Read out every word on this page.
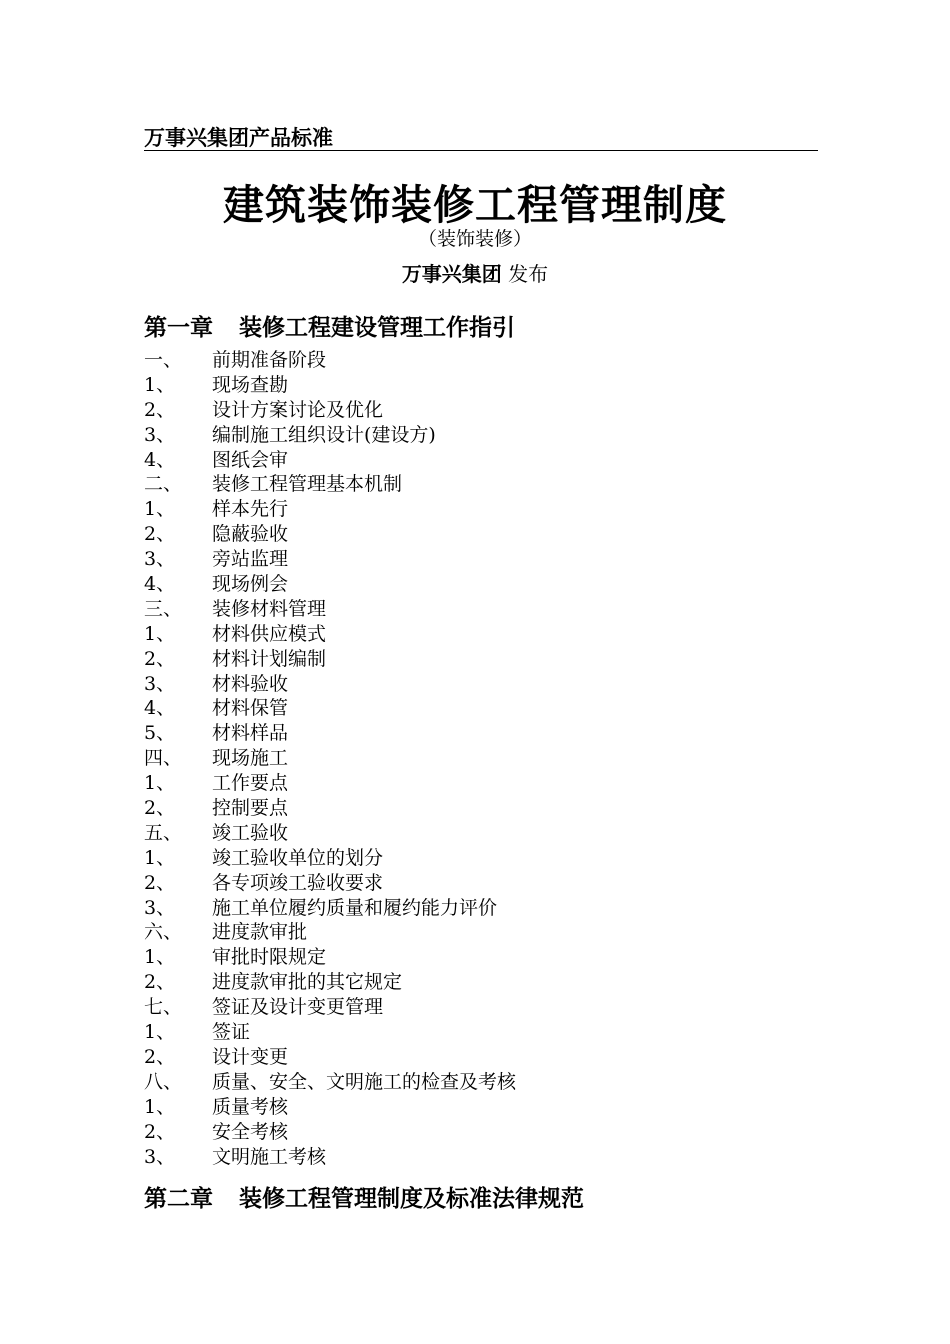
万事兴集团产品标准
建筑装饰装修工程管理制度
（装饰装修）
万事兴集团 发布
第一章 装修工程建设管理工作指引
一、 前期准备阶段
1、 现场查勘
2、 设计方案讨论及优化
3、 编制施工组织设计(建设方)
4、 图纸会审
二、 装修工程管理基本机制
1、 样本先行
2、 隐蔽验收
3、 旁站监理
4、 现场例会
三、 装修材料管理
1、 材料供应模式
2、 材料计划编制
3、 材料验收
4、 材料保管
5、 材料样品
四、 现场施工
1、 工作要点
2、 控制要点
五、 竣工验收
1、 竣工验收单位的划分
2、 各专项竣工验收要求
3、 施工单位履约质量和履约能力评价
六、 进度款审批
1、 审批时限规定
2、 进度款审批的其它规定
七、 签证及设计变更管理
1、 签证
2、 设计变更
八、 质量、安全、文明施工的检查及考核
1、 质量考核
2、 安全考核
3、 文明施工考核
第二章 装修工程管理制度及标准法律规范
